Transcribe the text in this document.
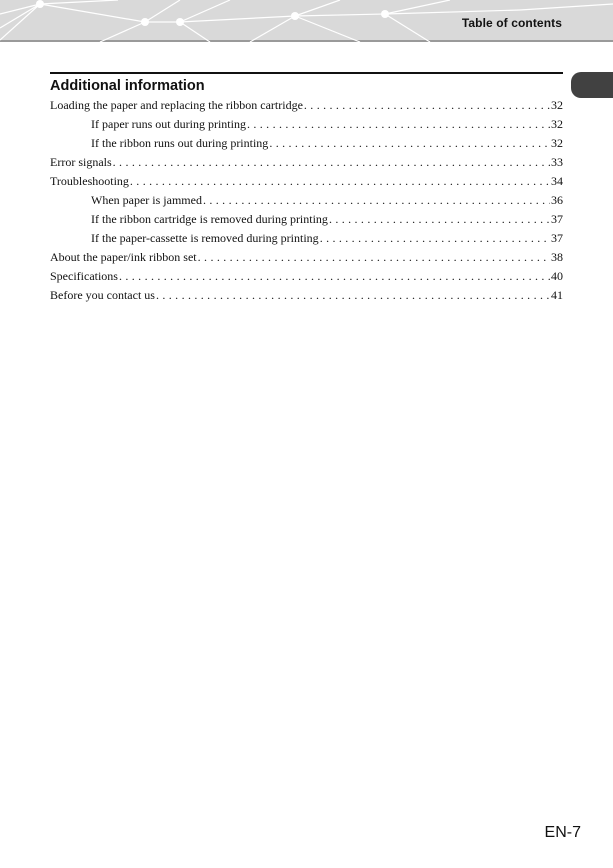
Table of contents
Additional information
Loading the paper and replacing the ribbon cartridge . . .	32
If paper runs out during printing . . .	32
If the ribbon runs out during printing . . .	32
Error signals . . .	33
Troubleshooting . . .	34
When paper is jammed . . .	36
If the ribbon cartridge is removed during printing . . .	37
If the paper-cassette is removed during printing . . .	37
About the paper/ink ribbon set . . .	38
Specifications . . .	40
Before you contact us . . .	41
EN-7
